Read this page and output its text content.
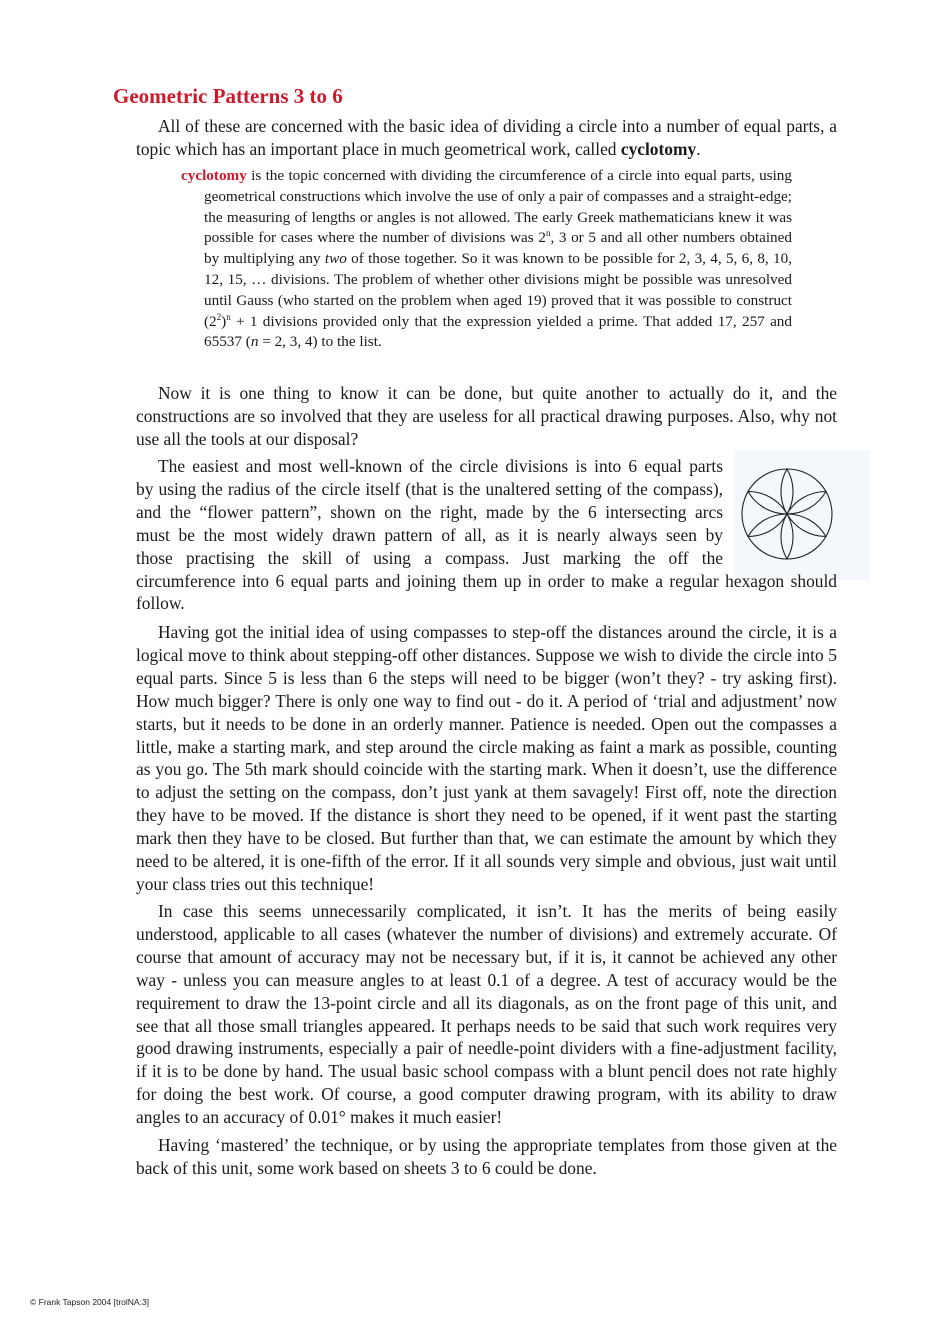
Geometric Patterns 3 to 6

All of these are concerned with the basic idea of dividing a circle into a number of equal parts, a topic which has an important place in much geometrical work, called cyclotomy.

cyclotomy is the topic concerned with dividing the circumference of a circle into equal parts, using geometrical constructions which involve the use of only a pair of compasses and a straight-edge; the measuring of lengths or angles is not allowed. The early Greek mathematicians knew it was possible for cases where the number of divisions was 2$^n$, 3 or 5 and all other numbers obtained by multiplying any two of those together. So it was known to be possible for 2, 3, 4, 5, 6, 8, 10, 12, 15, … divisions. The problem of whether other divisions might be possible was unresolved until Gauss (who started on the problem when aged 19) proved that it was possible to construct $(2^2)^n + 1$ divisions provided only that the expression yielded a prime. That added 17, 257 and 65537 (n = 2, 3, 4) to the list.

Now it is one thing to know it can be done, but quite another to actually do it, and the constructions are so involved that they are useless for all practical drawing purposes. Also, why not use all the tools at our disposal?

The easiest and most well-known of the circle divisions is into 6 equal parts
by using the radius of the circle itself (that is the unaltered setting of the compass),
and the “flower pattern”, shown on the right, made by the 6 intersecting arcs
must be the most widely drawn pattern of all, as it is nearly always seen by
those practising the skill of using a compass. Just marking the off the
circumference into 6 equal parts and joining them up in order to make a regular hexagon should follow.

Having got the initial idea of using compasses to step-off the distances around the circle, it is a logical move to think about stepping-off other distances. Suppose we wish to divide the circle into 5 equal parts. Since 5 is less than 6 the steps will need to be bigger (won’t they? - try asking first). How much bigger? There is only one way to find out - do it. A period of ‘trial and adjustment’ now starts, but it needs to be done in an orderly manner. Patience is needed. Open out the compasses a little, make a starting mark, and step around the circle making as faint a mark as possible, counting as you go. The 5th mark should coincide with the starting mark. When it doesn’t, use the difference to adjust the setting on the compass, don’t just yank at them savagely! First off, note the direction they have to be moved. If the distance is short they need to be opened, if it went past the starting mark then they have to be closed. But further than that, we can estimate the amount by which they need to be altered, it is one-fifth of the error. If it all sounds very simple and obvious, just wait until your class tries out this technique!

In case this seems unnecessarily complicated, it isn’t. It has the merits of being easily understood, applicable to all cases (whatever the number of divisions) and extremely accurate. Of course that amount of accuracy may not be necessary but, if it is, it cannot be achieved any other way - unless you can measure angles to at least 0.1 of a degree. A test of accuracy would be the requirement to draw the 13-point circle and all its diagonals, as on the front page of this unit, and see that all those small triangles appeared. It perhaps needs to be said that such work requires very good drawing instruments, especially a pair of needle-point dividers with a fine-adjustment facility, if it is to be done by hand. The usual basic school compass with a blunt pencil does not rate highly for doing the best work. Of course, a good computer drawing program, with its ability to draw angles to an accuracy of 0.01° makes it much easier!

Having ‘mastered’ the technique, or by using the appropriate templates from those given at the back of this unit, some work based on sheets 3 to 6 could be done.

© Frank Tapson 2004 [trolNA:3]
